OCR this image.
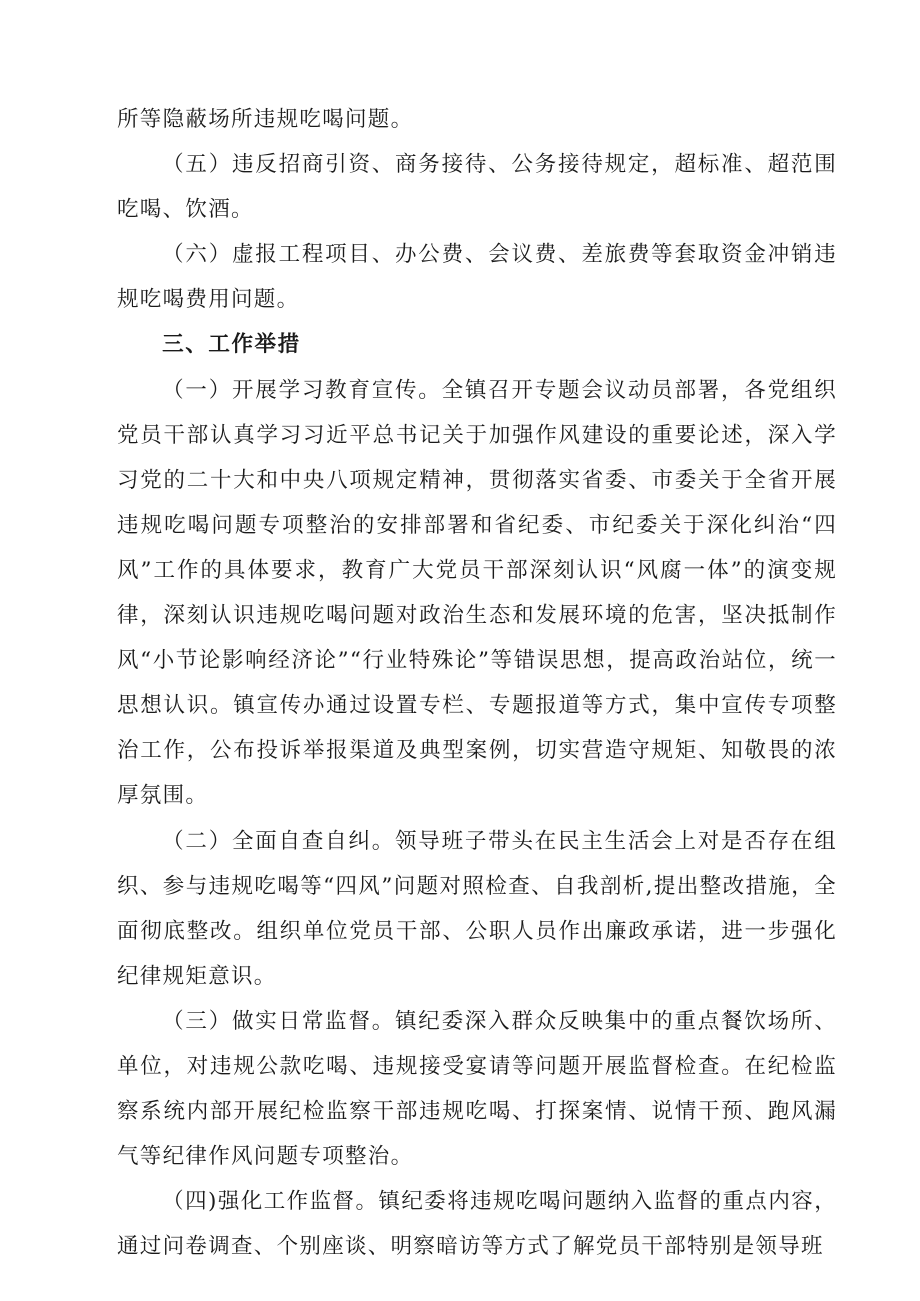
所等隐蔽场所违规吃喝问题。

（五）违反招商引资、商务接待、公务接待规定，超标准、超范围吃喝、饮酒。

（六）虚报工程项目、办公费、会议费、差旅费等套取资金冲销违规吃喝费用问题。

三、工作举措

（一）开展学习教育宣传。全镇召开专题会议动员部署，各党组织党员干部认真学习习近平总书记关于加强作风建设的重要论述，深入学习党的二十大和中央八项规定精神，贯彻落实省委、市委关于全省开展违规吃喝问题专项整治的安排部署和省纪委、市纪委关于深化纠治“四风”工作的具体要求，教育广大党员干部深刻认识“风腐一体”的演变规律，深刻认识违规吃喝问题对政治生态和发展环境的危害，坚决抵制作风“小节论影响经济论”“行业特殊论”等错误思想，提高政治站位，统一思想认识。镇宣传办通过设置专栏、专题报道等方式，集中宣传专项整治工作，公布投诉举报渠道及典型案例，切实营造守规矩、知敬畏的浓厚氛围。

（二）全面自查自纠。领导班子带头在民主生活会上对是否存在组织、参与违规吃喝等“四风”问题对照检查、自我剖析,提出整改措施，全面彻底整改。组织单位党员干部、公职人员作出廉政承诺，进一步强化纪律规矩意识。

（三）做实日常监督。镇纪委深入群众反映集中的重点餐饮场所、单位，对违规公款吃喝、违规接受宴请等问题开展监督检查。在纪检监察系统内部开展纪检监察干部违规吃喝、打探案情、说情干预、跑风漏气等纪律作风问题专项整治。

（四)强化工作监督。镇纪委将违规吃喝问题纳入监督的重点内容，通过问卷调查、个别座谈、明察暗访等方式了解党员干部特别是领导班
